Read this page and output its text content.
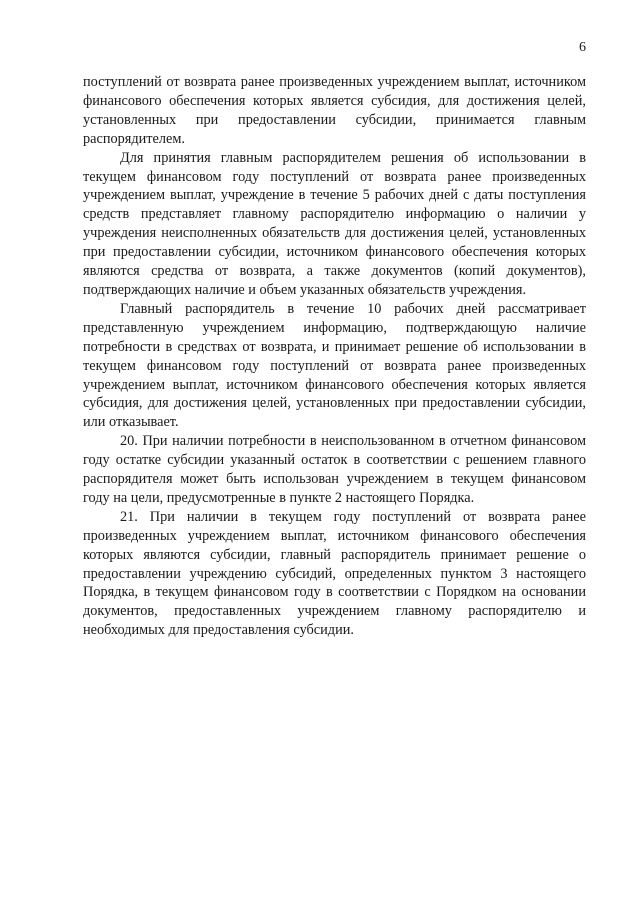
6

поступлений от возврата ранее произведенных учреждением выплат, источником финансового обеспечения которых является субсидия, для достижения целей, установленных при предоставлении субсидии, принимается главным распорядителем.

Для принятия главным распорядителем решения об использовании в текущем финансовом году поступлений от возврата ранее произведенных учреждением выплат, учреждение в течение 5 рабочих дней с даты поступления средств представляет главному распорядителю информацию о наличии у учреждения неисполненных обязательств для достижения целей, установленных при предоставлении субсидии, источником финансового обеспечения которых являются средства от возврата, а также документов (копий документов), подтверждающих наличие и объем указанных обязательств учреждения.

Главный распорядитель в течение 10 рабочих дней рассматривает представленную учреждением информацию, подтверждающую наличие потребности в средствах от возврата, и принимает решение об использовании в текущем финансовом году поступлений от возврата ранее произведенных учреждением выплат, источником финансового обеспечения которых является субсидия, для достижения целей, установленных при предоставлении субсидии, или отказывает.

20. При наличии потребности в неиспользованном в отчетном финансовом году остатке субсидии указанный остаток в соответствии с решением главного распорядителя может быть использован учреждением в текущем финансовом году на цели, предусмотренные в пункте 2 настоящего Порядка.

21. При наличии в текущем году поступлений от возврата ранее произведенных учреждением выплат, источником финансового обеспечения которых являются субсидии, главный распорядитель принимает решение о предоставлении учреждению субсидий, определенных пунктом 3 настоящего Порядка, в текущем финансовом году в соответствии с Порядком на основании документов, предоставленных учреждением главному распорядителю и необходимых для предоставления субсидии.
